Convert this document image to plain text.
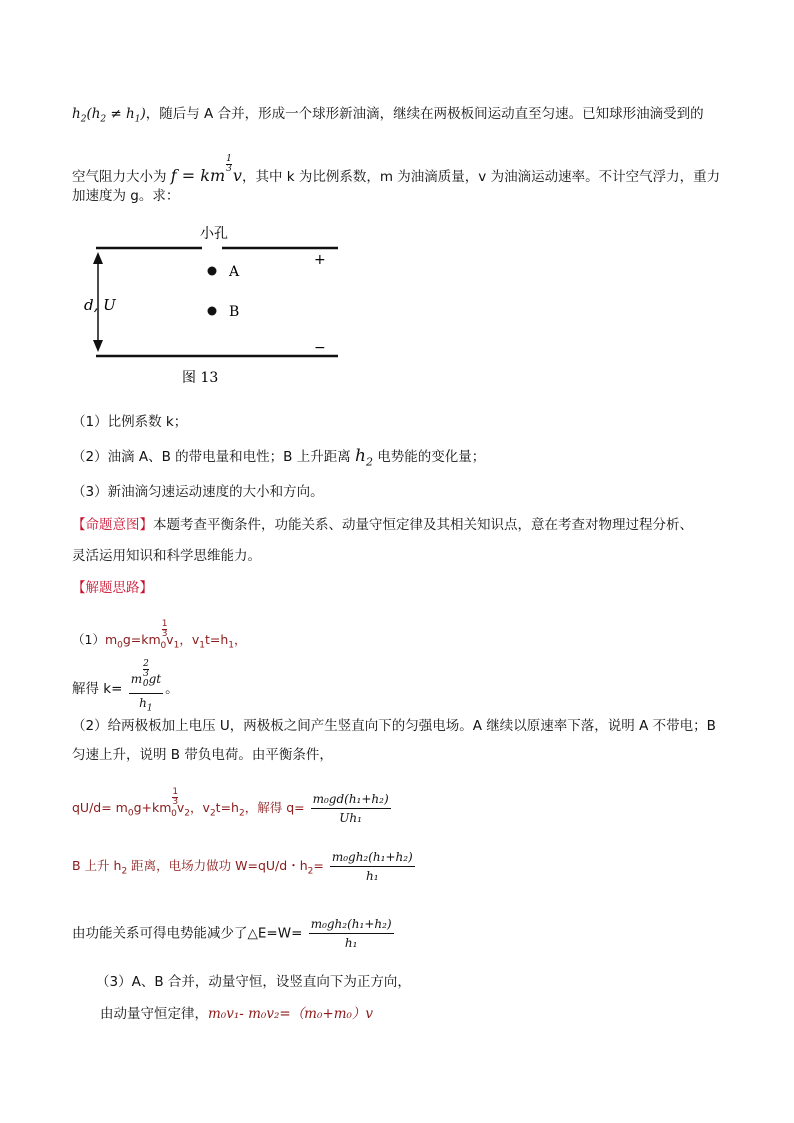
$h_2(h_2 \ne h_1)$，随后与 A 合并，形成一个球形新油滴，继续在两极板间运动直至匀速。已知球形油滴受到的
空气阻力大小为 f = km
$\frac{1}{3}$
v，其中 k 为比例系数，m 为油滴质量，v 为油滴运动速率。不计空气浮力，重力
加速度为 g。求：
小孔
+
−
d, U
A
B
图 13
（1）比例系数 k；
（2）油滴 A、B 的带电量和电性；B 上升距离 $h_2$ 电势能的变化量；
（3）新油滴匀速运动速度的大小和方向。
【命题意图】本题考查平衡条件，功能关系、动量守恒定律及其相关知识点，意在考查对物理过程分析、
灵活运用知识和科学思维能力。
【解题思路】
$(1)m_0g=km$
$\frac{1}{3}$
$_0v_1$，$v_1t=h_1$，
解得 k= m $\frac{2}{3}$
$_0$gt
$h_1$ 。
（2）给两极板加上电压 U，两极板之间产生竖直向下的匀强电场。A 继续以原速率下落，说明 A 不带电；B
匀速上升，说明 B 带负电荷。由平衡条件，
$qU/d= m_0g+km$
$\frac{1}{3}$
$_0v_2$，$v_2t=h_2$，解得 $q= \frac{\text{m₀gd(h₁+h₂)}}{\text{Uh₁}}$
B 上升 $h_2$ 距离，电场力做功 W=qU/d・$h_2= \frac{\text{m₀gh₂(h₁+h₂)}}{\text{h₁}}$
由功能关系可得电势能减少了△E=W= $\frac{\text{m₀gh₂(h₁+h₂)}}{\text{h₁}}$
（3）A、B 合并，动量守恒，设竖直向下为正方向，
由动量守恒定律，m₀v₁- m₀v₂=（m₀+m₀）v
